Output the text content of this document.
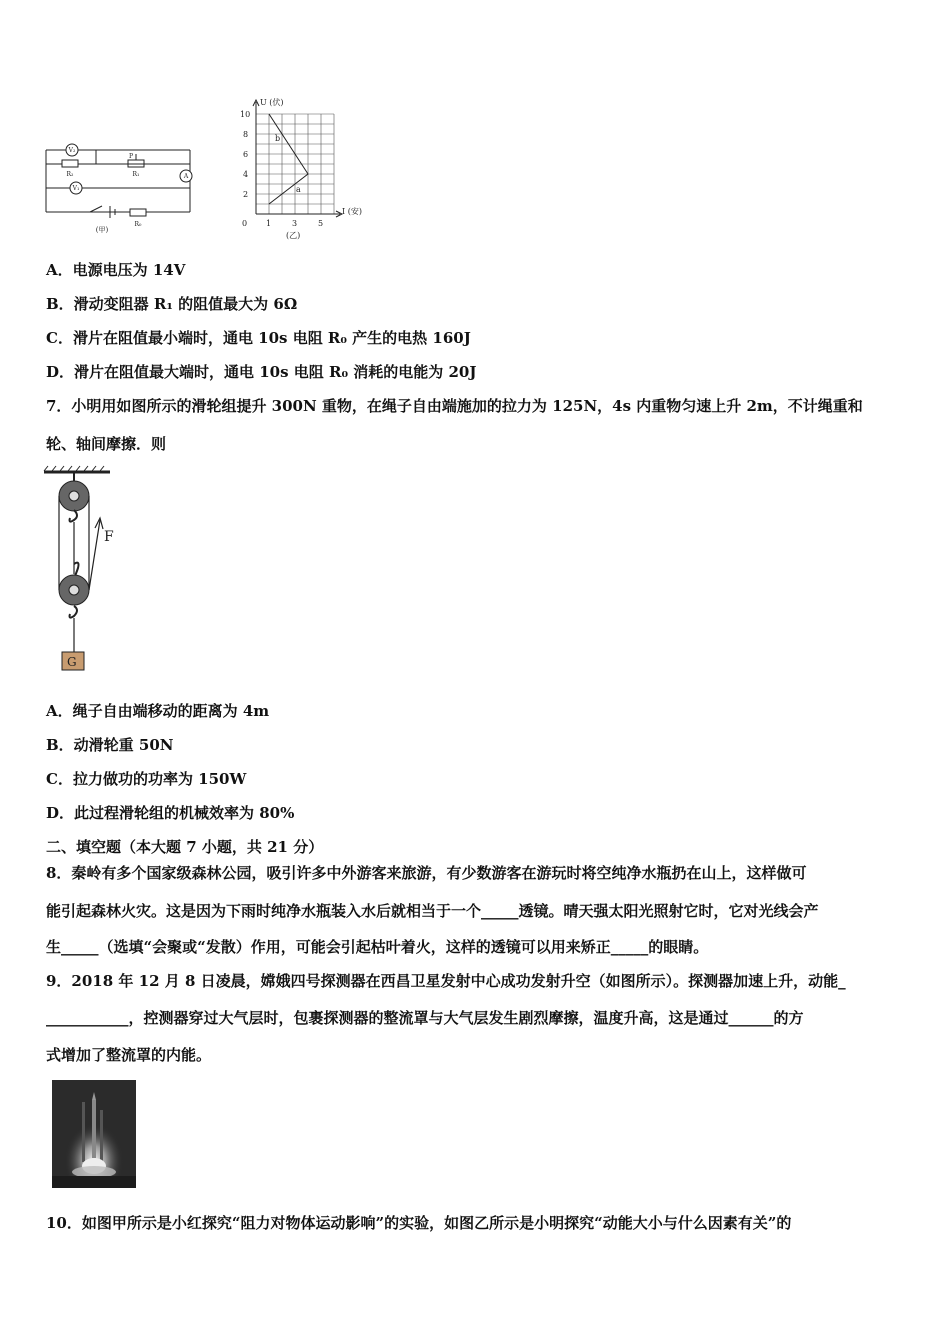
V₂
V₁
A
P
R₂	R₁
R₀
(甲)
U (伏)
I (安)
10
8
6
4
2
0 1	3	5
b
a
(乙)
A．电源电压为 14V
B．滑动变阻器 R₁ 的阻值最大为 6Ω
C．滑片在阻值最小端时，通电 10s 电阻 R₀ 产生的电热 160J
D．滑片在阻值最大端时，通电 10s 电阻 R₀ 消耗的电能为 20J
7．小明用如图所示的滑轮组提升 300N 重物，在绳子自由端施加的拉力为 125N，4s 内重物匀速上升 2m，不计绳重和
轮、轴间摩擦．则
F
G
A．绳子自由端移动的距离为 4m
B．动滑轮重 50N
C．拉力做功的功率为 150W
D．此过程滑轮组的机械效率为 80%
二、填空题（本大题 7 小题，共 21 分）
8．秦岭有多个国家级森林公园，吸引许多中外游客来旅游，有少数游客在游玩时将空纯净水瓶扔在山上，这样做可
能引起森林火灾。这是因为下雨时纯净水瓶装入水后就相当于一个_____透镜。晴天强太阳光照射它时，它对光线会产
生_____（选填“会聚或“发散）作用，可能会引起枯叶着火，这样的透镜可以用来矫正_____的眼睛。
9．2018 年 12 月 8 日凌晨，嫦娥四号探测器在西昌卫星发射中心成功发射升空（如图所示）。探测器加速上升，动能_
___________，控测器穿过大气层时，包裹探测器的整流罩与大气层发生剧烈摩擦，温度升高，这是通过______的方
式增加了整流罩的内能。
10．如图甲所示是小红探究“阻力对物体运动影响”的实验，如图乙所示是小明探究“动能大小与什么因素有关”的
